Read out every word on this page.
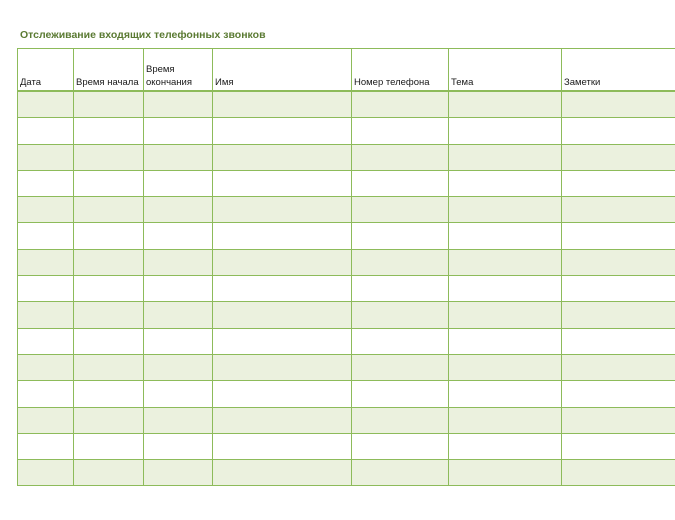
Отслеживание входящих телефонных звонков
Дата	Время начала	Время окончания	Имя	Номер телефона	Тема	Заметки
